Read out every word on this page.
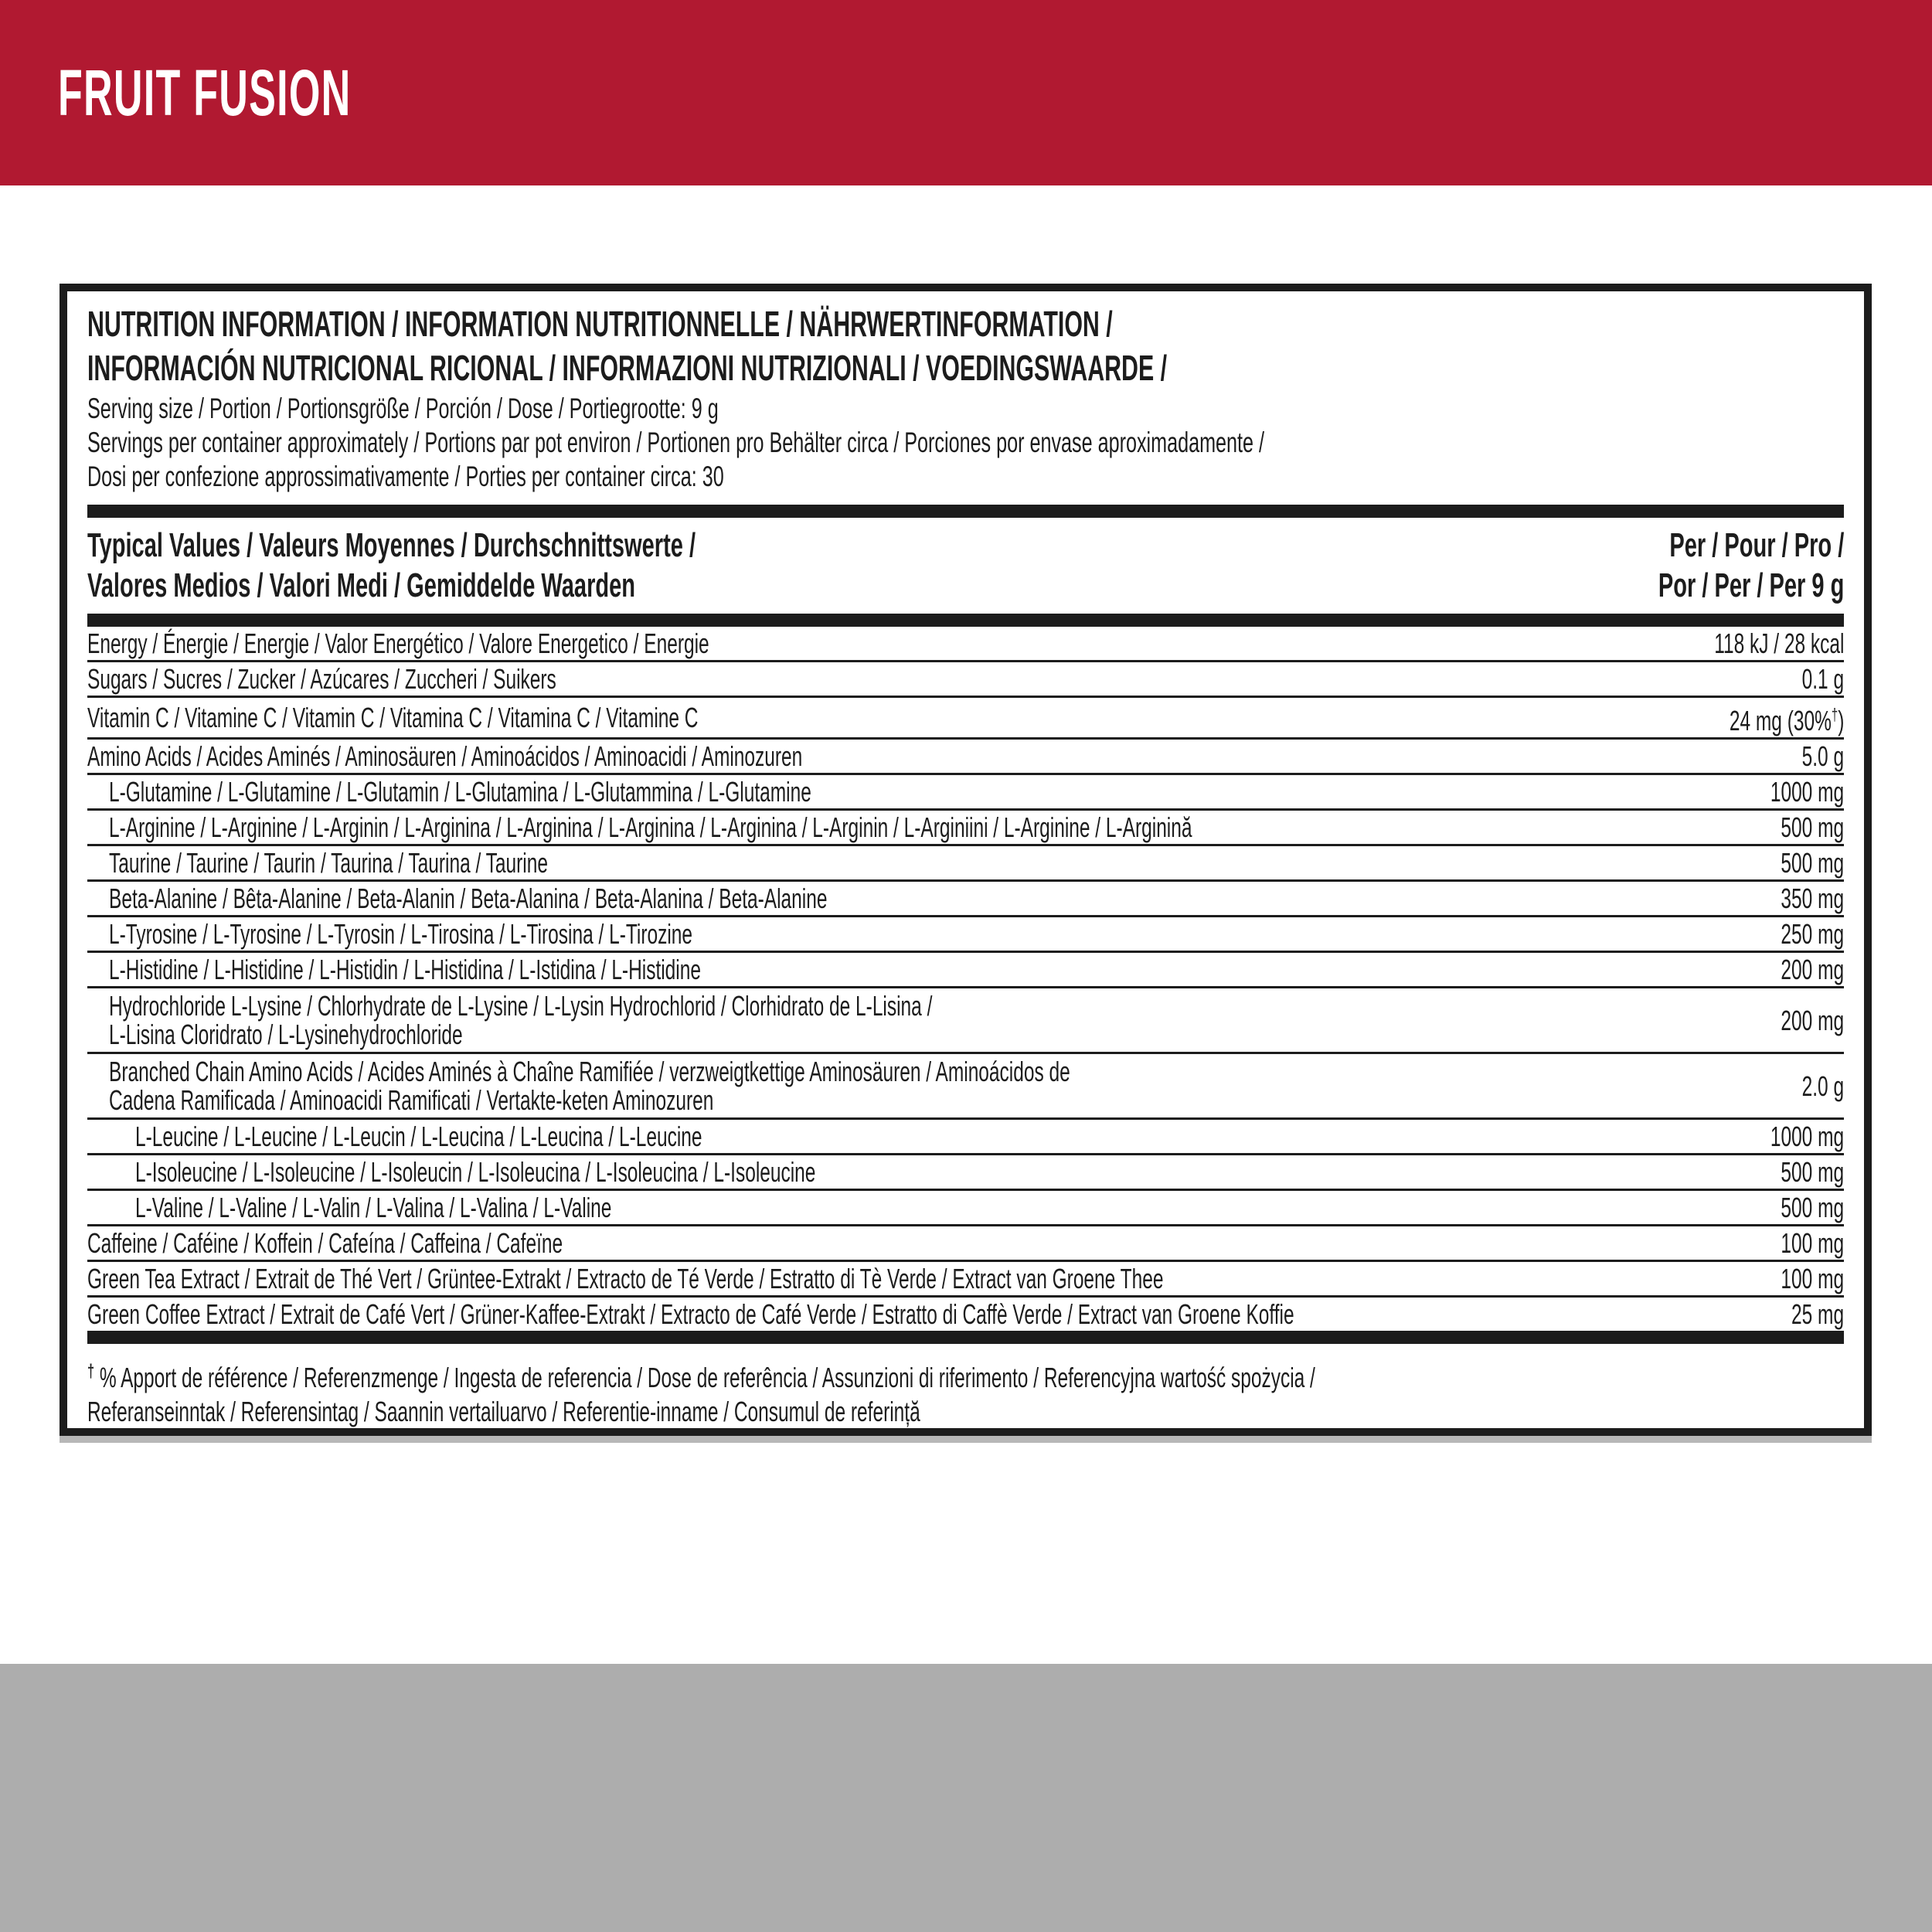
FRUIT FUSION
NUTRITION INFORMATION / INFORMATION NUTRITIONNELLE / NÄHRWERTINFORMATION /
INFORMACIÓN NUTRICIONAL RICIONAL / INFORMAZIONI NUTRIZIONALI / VOEDINGSWAARDE /
Serving size / Portion / Portionsgröße / Porción / Dose / Portiegrootte: 9 g
Servings per container approximately / Portions par pot environ / Portionen pro Behälter circa / Porciones por envase aproximadamente /
Dosi per confezione approssimativamente / Porties per container circa: 30
Typical Values / Valeurs Moyennes / Durchschnittswerte /
Valores Medios / Valori Medi / Gemiddelde Waarden
Per / Pour / Pro /
Por / Per / Per 9 g
Energy / Énergie / Energie / Valor Energético / Valore Energetico / Energie	118 kJ / 28 kcal
Sugars / Sucres / Zucker / Azúcares / Zuccheri / Suikers	0.1 g
Vitamin C / Vitamine C / Vitamin C / Vitamina C / Vitamina C / Vitamine C	24 mg (30%†)
Amino Acids / Acides Aminés / Aminosäuren / Aminoácidos / Aminoacidi / Aminozuren	5.0 g
L-Glutamine / L-Glutamine / L-Glutamin / L-Glutamina / L-Glutammina / L-Glutamine	1000 mg
L-Arginine / L-Arginine / L-Arginin / L-Arginina / L-Arginina / L-Arginina / L-Arginina / L-Arginin / L-Arginiini / L-Arginine / L-Arginină	500 mg
Taurine / Taurine / Taurin / Taurina / Taurina / Taurine	500 mg
Beta-Alanine / Bêta-Alanine / Beta-Alanin / Beta-Alanina / Beta-Alanina / Beta-Alanine	350 mg
L-Tyrosine / L-Tyrosine / L-Tyrosin / L-Tirosina / L-Tirosina / L-Tirozine	250 mg
L-Histidine / L-Histidine / L-Histidin / L-Histidina / L-Istidina / L-Histidine	200 mg
Hydrochloride L-Lysine / Chlorhydrate de L-Lysine / L-Lysin Hydrochlorid / Clorhidrato de L-Lisina /
L-Lisina Cloridrato / L-Lysinehydrochloride	200 mg
Branched Chain Amino Acids / Acides Aminés à Chaîne Ramifiée / verzweigtkettige Aminosäuren / Aminoácidos de
Cadena Ramificada / Aminoacidi Ramificati / Vertakte-keten Aminozuren	2.0 g
L-Leucine / L-Leucine / L-Leucin / L-Leucina / L-Leucina / L-Leucine	1000 mg
L-Isoleucine / L-Isoleucine / L-Isoleucin / L-Isoleucina / L-Isoleucina / L-Isoleucine	500 mg
L-Valine / L-Valine / L-Valin / L-Valina / L-Valina / L-Valine	500 mg
Caffeine / Caféine / Koffein / Cafeína / Caffeina / Cafeïne	100 mg
Green Tea Extract / Extrait de Thé Vert / Grüntee-Extrakt / Extracto de Té Verde / Estratto di Tè Verde / Extract van Groene Thee	100 mg
Green Coffee Extract / Extrait de Café Vert / Grüner-Kaffee-Extrakt / Extracto de Café Verde / Estratto di Caffè Verde / Extract van Groene Koffie	25 mg
† % Apport de référence / Referenzmenge / Ingesta de referencia / Dose de referência / Assunzioni di riferimento / Referencyjna wartość spożycia /
Referanseinntak / Referensintag / Saannin vertailuarvo / Referentie-inname / Consumul de referință
